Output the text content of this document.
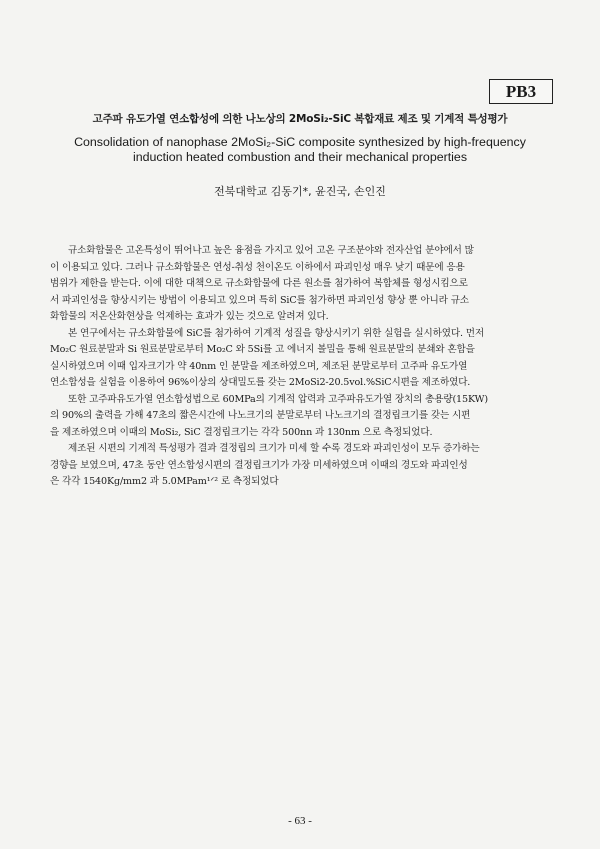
PB3
고주파 유도가열 연소합성에 의한 나노상의 2MoSi₂-SiC 복합재료 제조 및 기계적 특성평가
Consolidation of nanophase 2MoSi₂-SiC composite synthesized by high-frequency
induction heated combustion and their mechanical properties
전북대학교 김동기*, 윤진국, 손인진
규소화합물은 고온특성이 뛰어나고 높은 융점을 가지고 있어 고온 구조분야와 전자산업 분야에서 많
이 이용되고 있다. 그러나 규소화합물은 연성-취성 천이온도 이하에서 파괴인성 매우 낮기 때문에 응용
범위가 제한을 받는다. 이에 대한 대책으로 규소화합물에 다른 원소를 첨가하여 복합체를 형성시킴으로
서 파괴인성을 향상시키는 방법이 이용되고 있으며 특히 SiC를 첨가하면 파괴인성 향상 뿐 아니라 규소
화합물의 저온산화현상을 억제하는 효과가 있는 것으로 알려져 있다.
본 연구에서는 규소화합물에 SiC를 첨가하여 기계적 성질을 향상시키기 위한 실험을 실시하였다. 먼저
Mo₂C 원료분말과 Si 원료분말로부터 Mo₂C 와 5Si를 고 에너지 볼밀을 통해 원료분말의 분쇄와 혼합을
실시하였으며 이때 입자크기가 약 40nm 인 분말을 제조하였으며, 제조된 분말로부터 고주파 유도가열
연소합성을 실험을 이용하여 96%이상의 상대밀도를 갖는 2MoSi2-20.5vol.%SiC시편을 제조하였다.
또한 고주파유도가열 연소합성법으로 60MPa의 기계적 압력과 고주파유도가열 장치의 총용량(15KW)
의 90%의 출력을 가해 47초의 짧은시간에 나노크기의 분말로부터 나노크기의 결정립크기를 갖는 시편
을 제조하였으며 이때의 MoSi₂, SiC 결정립크기는 각각 500nn 과 130nm 으로 측정되었다.
제조된 시편의 기계적 특성평가 결과 결정립의 크기가 미세 할 수록 경도와 파괴인성이 모두 증가하는
경향을 보였으며, 47초 동안 연소합성시편의 결정립크기가 가장 미세하였으며 이때의 경도와 파괴인성
은 각각 1540Kg/mm2 과 5.0MPam¹ᐟ² 로 측정되었다
- 63 -
